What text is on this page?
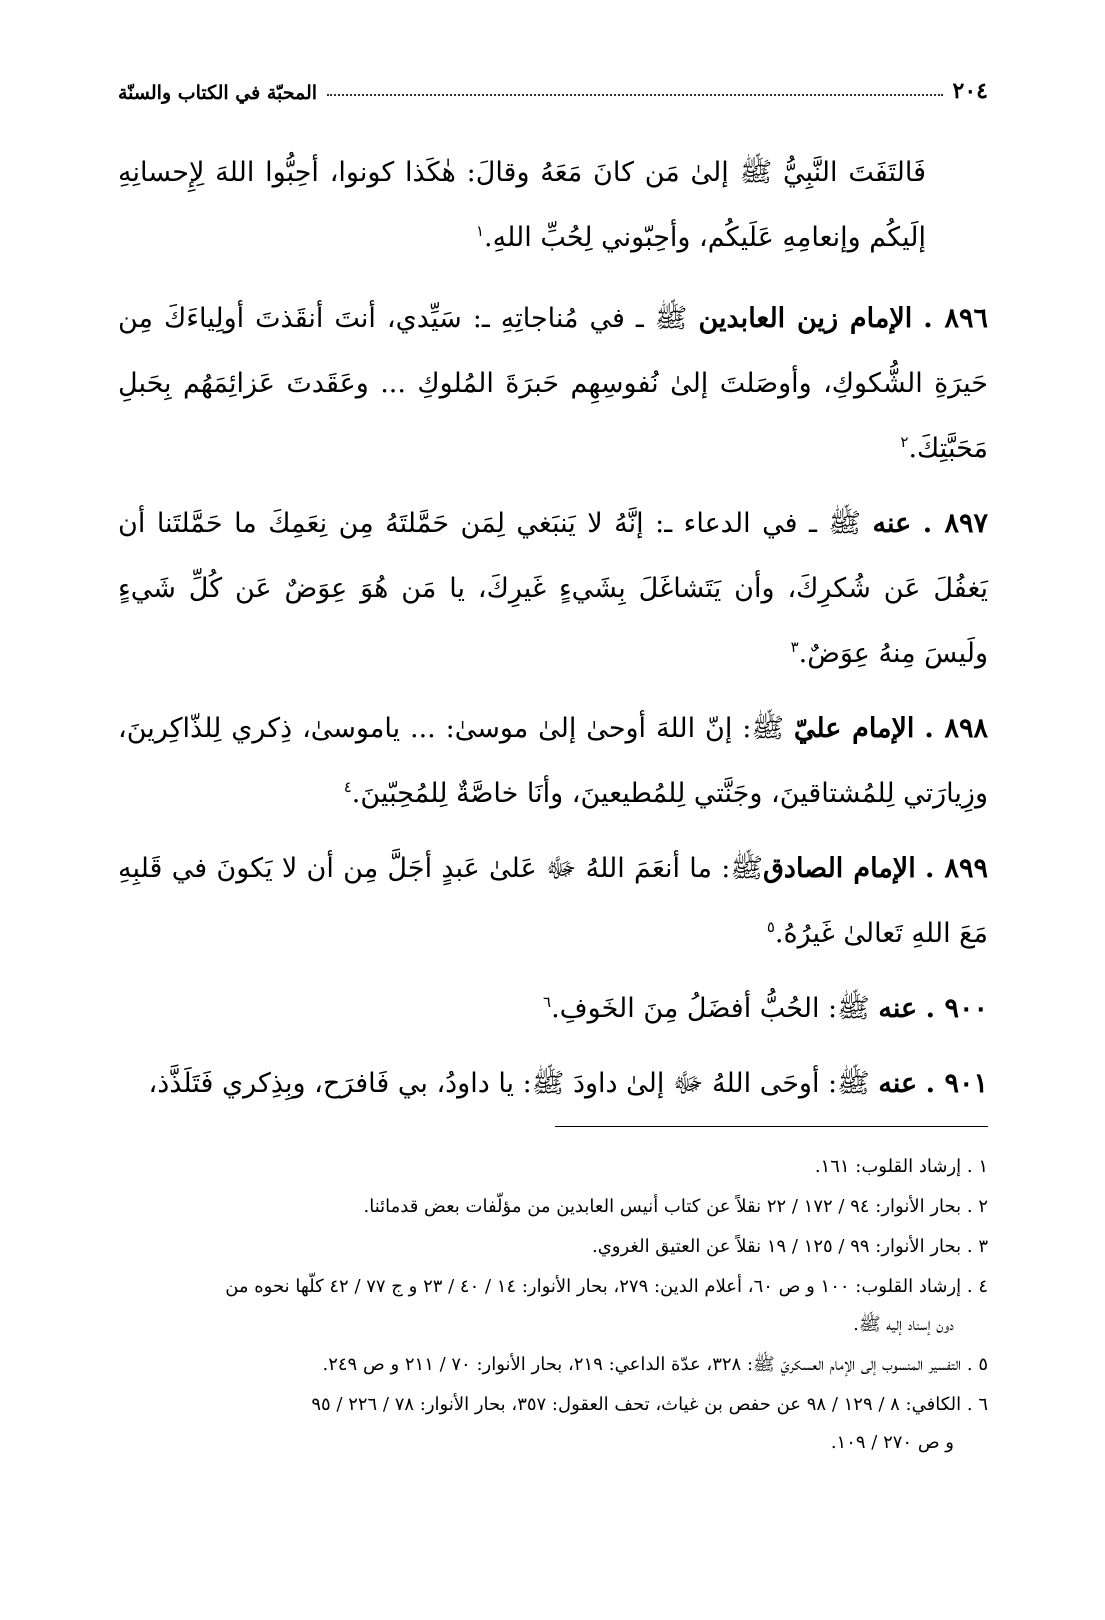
٢٠٤
المحبّة في الكتاب والسنّة

فَالتَفَتَ النَّبِيُّ ﷺ إلىٰ مَن كانَ مَعَهُ وقالَ: هٰكَذا كونوا، أحِبُّوا اللهَ لِإِحسانِهِ إلَيكُم وإنعامِهِ عَلَيكُم، وأحِبّوني لِحُبِّ اللهِ.$^١$

٨٩٦ . الإمام زين العابدين ﷺ ـ في مُناجاتِهِ ـ: سَيِّدي، أنتَ أنقَذتَ أولِياءَكَ مِن حَيرَةِ الشُّكوكِ، وأوصَلتَ إلىٰ نُفوسِهِم حَبرَةَ المُلوكِ ... وعَقَدتَ عَزائِمَهُم بِحَبلِ مَحَبَّتِكَ.$^٢$

٨٩٧ . عنه ﷺ ـ في الدعاء ـ: إنَّهُ لا يَنبَغي لِمَن حَمَّلتَهُ مِن نِعَمِكَ ما حَمَّلتَنا أن يَغفُلَ عَن شُكرِكَ، وأن يَتَشاغَلَ بِشَيءٍ غَيرِكَ، يا مَن هُوَ عِوَضٌ عَن كُلِّ شَيءٍ ولَيسَ مِنهُ عِوَضٌ.$^٣$

٨٩٨ . الإمام عليّ ﷺ: إنّ اللهَ أوحىٰ إلىٰ موسىٰ: ... ياموسىٰ، ذِكري لِلذّاكِرينَ، وزِيارَتي لِلمُشتاقينَ، وجَنَّتي لِلمُطيعينَ، وأنَا خاصَّةٌ لِلمُحِبّينَ.$^٤$

٨٩٩ . الإمام الصادقﷺ: ما أنعَمَ اللهُ ﷻ عَلىٰ عَبدٍ أجَلَّ مِن أن لا يَكونَ في قَلبِهِ مَعَ اللهِ تَعالىٰ غَيرُهُ.$^٥$

٩٠٠ . عنه ﷺ: الحُبُّ أفضَلُ مِنَ الخَوفِ.$^٦$

٩٠١ . عنه ﷺ: أوحَى اللهُ ﷻ إلىٰ داودَ ﷺ: يا داودُ، بي فَافرَح، وبِذِكري فَتَلَذَّذ،

١ . إرشاد القلوب: ١٦١.

٢ . بحار الأنوار: ٩٤ / ١٧٢ / ٢٢ نقلاً عن كتاب أنيس العابدين من مؤلّفات بعض قدمائنا.

٣ . بحار الأنوار: ٩٩ / ١٢٥ / ١٩ نقلاً عن العتيق الغروي.

٤ . إرشاد القلوب: ١٠٠ و ص ٦٠، أعلام الدين: ٢٧٩، بحار الأنوار: ١٤ / ٤٠ / ٢٣ و ج ٧٧ / ٤٢ كلّها نحوه من
دون إسناد إليه ﷺ.

٥ . التفسير المنسوب إلى الإمام العسكريّ ﷺ: ٣٢٨، عدّة الداعي: ٢١٩، بحار الأنوار: ٧٠ / ٢١١ و ص ٢٤٩.

٦ . الكافي: ٨ / ١٢٩ / ٩٨ عن حفص بن غياث، تحف العقول: ٣٥٧، بحار الأنوار: ٧٨ / ٢٢٦ / ٩٥
و ص ٢٧٠ / ١٠٩.
